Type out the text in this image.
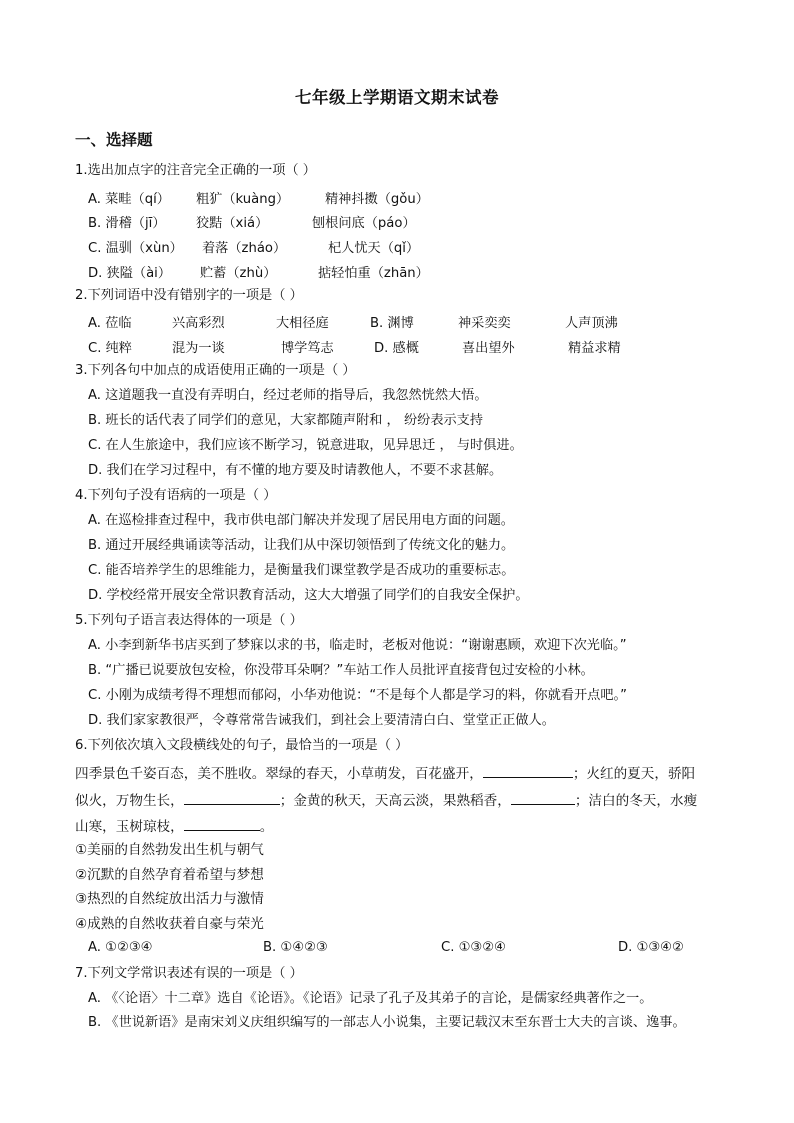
七年级上学期语文期末试卷
一、选择题
1.选出加点字的注音完全正确的一项（ ）
A. 菜畦（qí） 粗犷（kuàng）	精神抖擞（gǒu）
B. 滑稽（jī） 狡黠（xiá）	刨根问底（páo）
C. 温驯（xùn） 着落（zháo）	杞人忧天（qǐ）
D. 狭隘（ài） 贮蓄（zhù）	掂轻怕重（zhān）
2.下列词语中没有错别字的一项是（ ）
A. 莅临	兴高彩烈	大相径庭	B. 渊博	神采奕奕	人声顶沸
C. 纯粹	混为一谈	博学笃志	D. 感概	喜出望外	精益求精
3.下列各句中加点的成语使用正确的一项是（ ）
A. 这道题我一直没有弄明白，经过老师的指导后，我忽然恍然大悟。
B. 班长的话代表了同学们的意见，大家都随声附和 ， 纷纷表示支持
C. 在人生旅途中，我们应该不断学习，锐意进取，见异思迁 ， 与时俱进。
D. 我们在学习过程中，有不懂的地方要及时请教他人，不要不求甚解。
4.下列句子没有语病的一项是（ ）
A. 在巡检排查过程中，我市供电部门解决并发现了居民用电方面的问题。
B. 通过开展经典诵读等活动，让我们从中深切领悟到了传统文化的魅力。
C. 能否培养学生的思维能力，是衡量我们课堂教学是否成功的重要标志。
D. 学校经常开展安全常识教育活动，这大大增强了同学们的自我安全保护。
5.下列句子语言表达得体的一项是（ ）
A. 小李到新华书店买到了梦寐以求的书，临走时，老板对他说：“谢谢惠顾，欢迎下次光临。”
B. “广播已说要放包安检，你没带耳朵啊？”车站工作人员批评直接背包过安检的小林。
C. 小刚为成绩考得不理想而郁闷，小华劝他说：“不是每个人都是学习的料，你就看开点吧。”
D. 我们家家教很严，令尊常常告诫我们，到社会上要清清白白、堂堂正正做人。
6.下列依次填入文段横线处的句子，最恰当的一项是（ ）
四季景色千姿百态，美不胜收。翠绿的春天，小草萌发，百花盛开，	；火红的夏天，骄阳
似火，万物生长，	；金黄的秋天，天高云淡，果熟稻香，	；洁白的冬天，水瘦
山寒，玉树琼枝，	。
①美丽的自然勃发出生机与朝气
②沉默的自然孕育着希望与梦想
③热烈的自然绽放出活力与激情
④成熟的自然收获着自豪与荣光
A. ①②③④	B. ①④②③	C. ①③②④	D. ①③④②
7.下列文学常识表述有误的一项是（ ）
A. 《〈论语〉十二章》选自《论语》。《论语》记录了孔子及其弟子的言论，是儒家经典著作之一。
B. 《世说新语》是南宋刘义庆组织编写的一部志人小说集，主要记载汉末至东晋士大夫的言谈、逸事。
